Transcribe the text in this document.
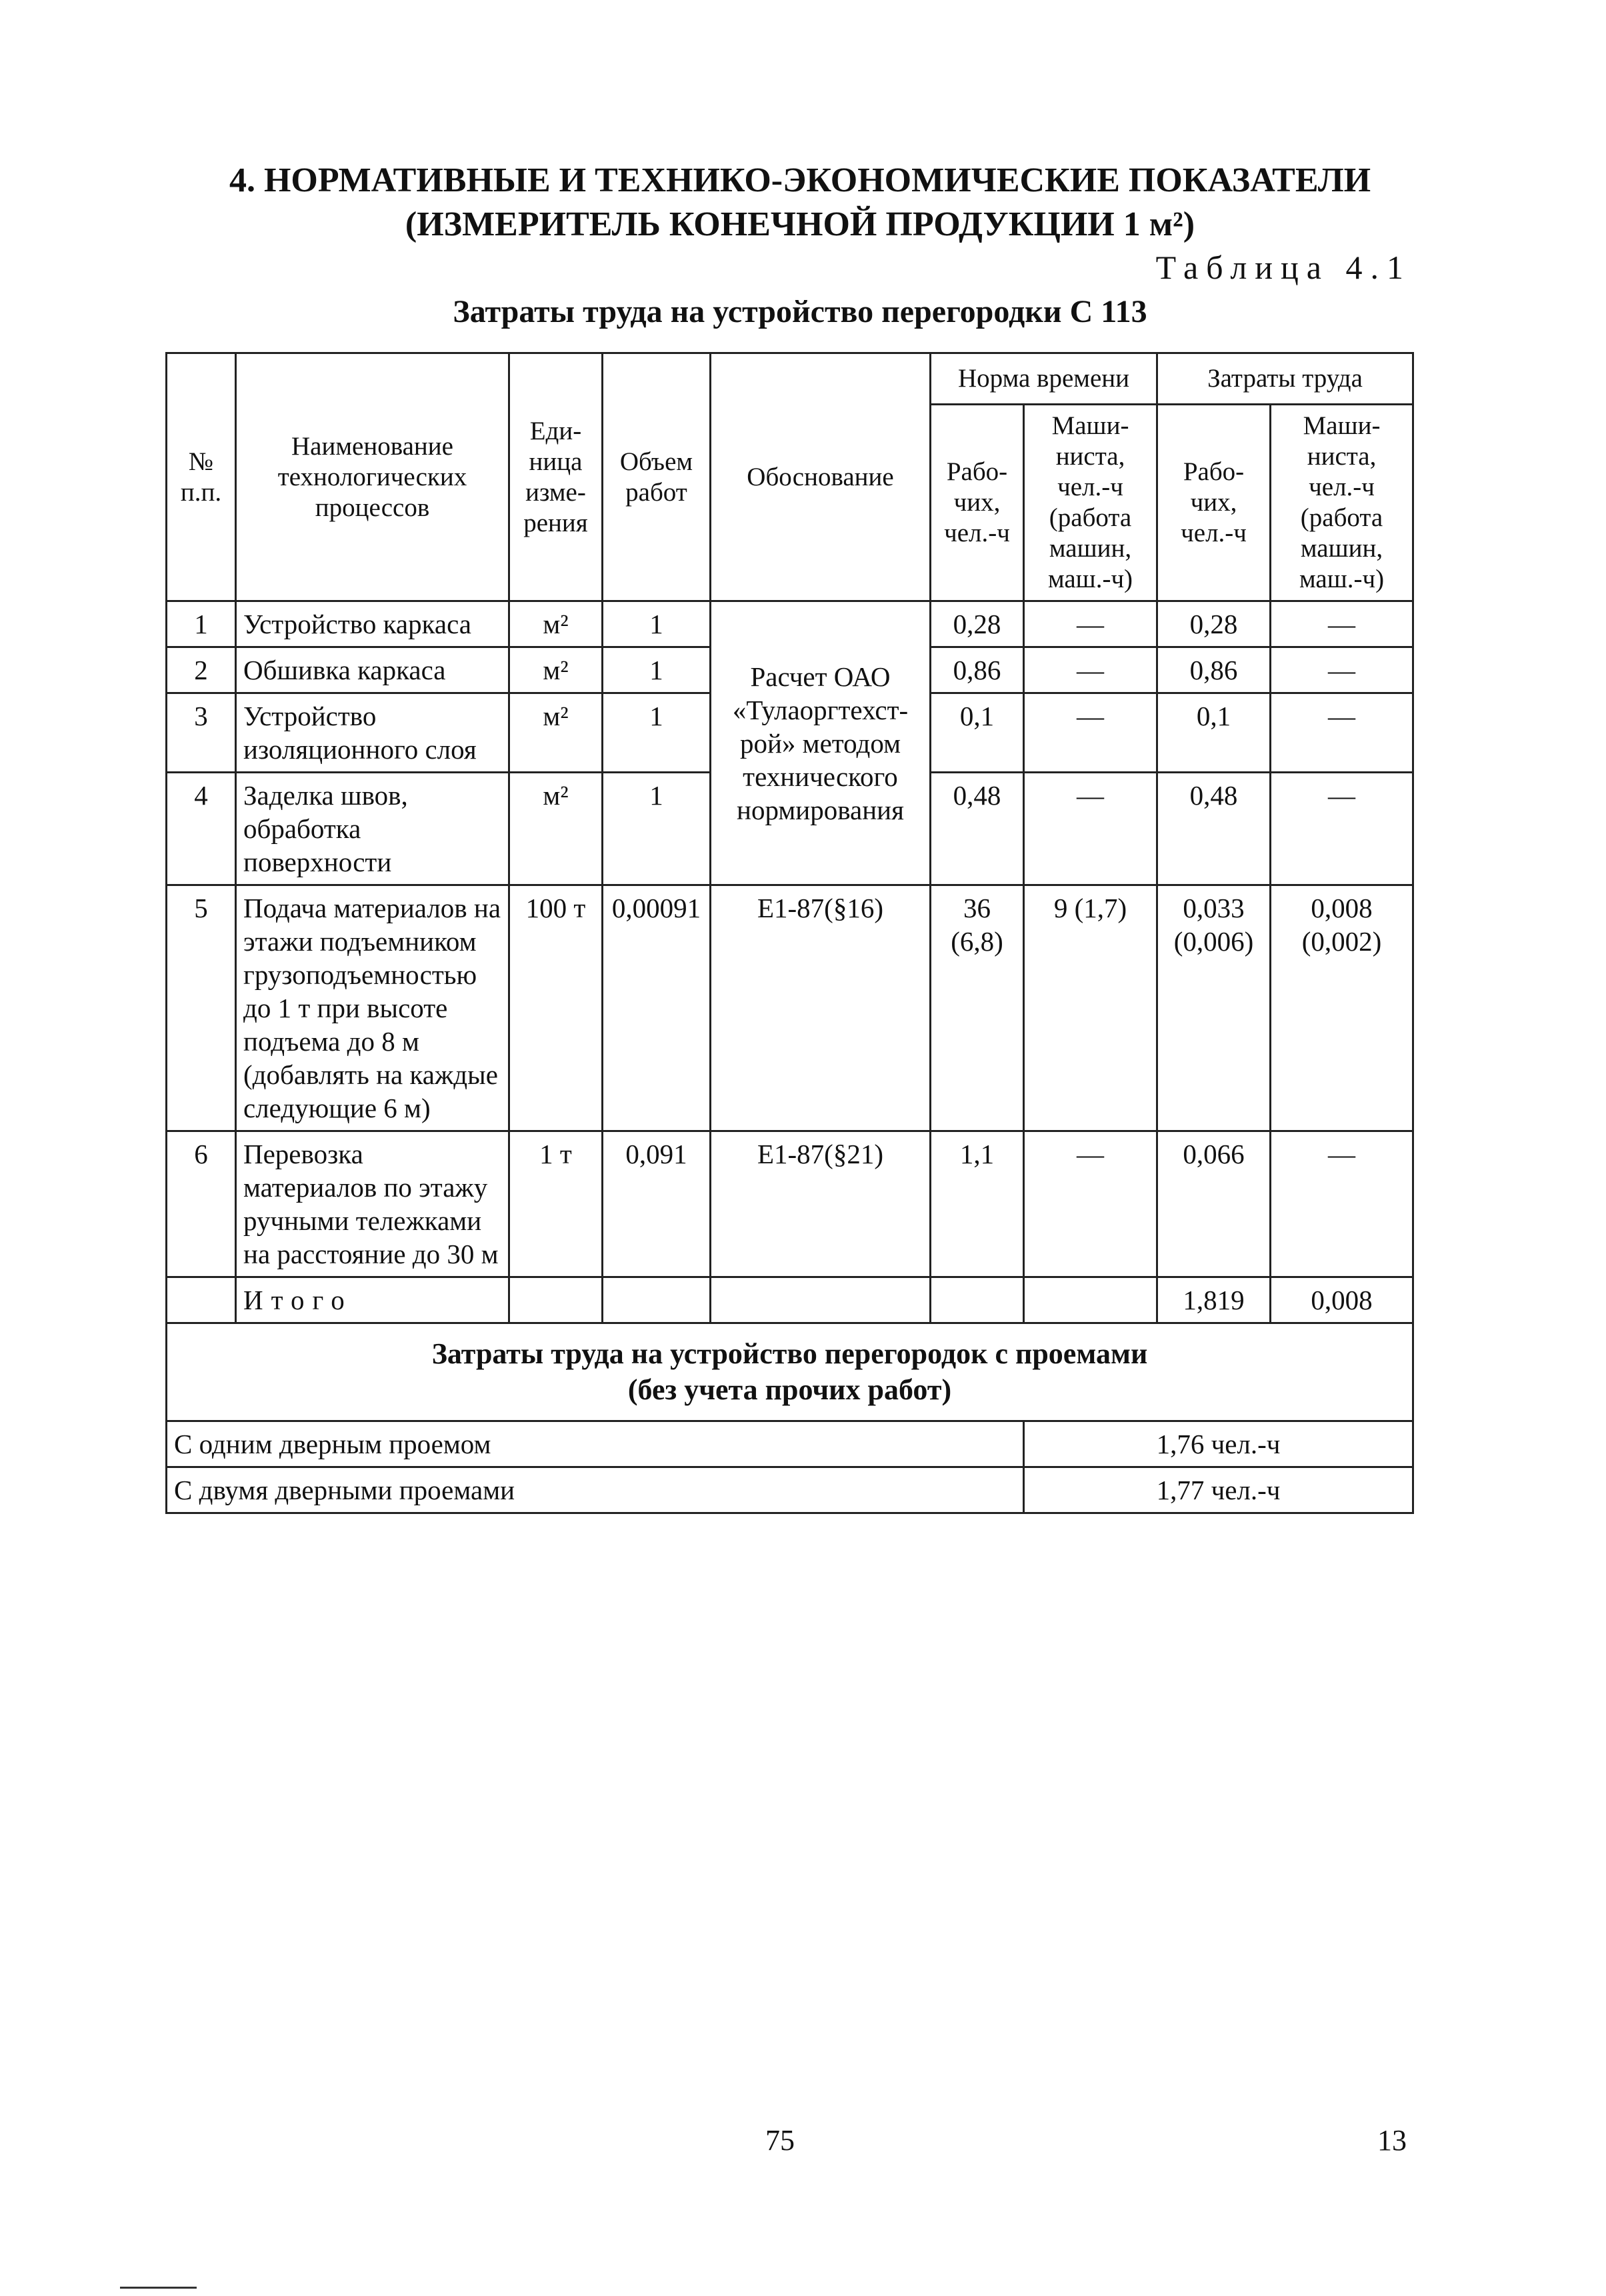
4. НОРМАТИВНЫЕ И ТЕХНИКО-ЭКОНОМИЧЕСКИЕ ПОКАЗАТЕЛИ
(ИЗМЕРИТЕЛЬ КОНЕЧНОЙ ПРОДУКЦИИ 1 м²)
Таблица 4.1
Затраты труда на устройство перегородки С 113
№ п.п.	Наименование технологических процессов	Еди-ница изме-рения	Объем работ	Обоснование	Норма времени		Затраты труда	
					Рабо-чих, чел.-ч	Маши-ниста, чел.-ч (работа машин, маш.-ч)	Рабо-чих, чел.-ч	Маши-ниста, чел.-ч (работа машин, маш.-ч)
1	Устройство каркаса	м²	1	Расчет ОАО «Тулаоргтехст-рой» методом технического нормирования	0,28	—	0,28	—
2	Обшивка каркаса	м²	1		0,86	—	0,86	—
3	Устройство изоляционного слоя	м²	1		0,1	—	0,1	—
4	Заделка швов, обработка поверхности	м²	1		0,48	—	0,48	—
5	Подача материалов на этажи подъемником грузоподъемностью до 1 т при высоте подъема до 8 м (добавлять на каждые следующие 6 м)	100 т	0,00091	Е1-87(§16)	36 (6,8)	9 (1,7)	0,033 (0,006)	0,008 (0,002)
6	Перевозка материалов по этажу ручными тележками на расстояние до 30 м	1 т	0,091	Е1-87(§21)	1,1	—	0,066	—
	Итого						1,819	0,008

Затраты труда на устройство перегородок с проемами
(без учета прочих работ)								

С одним дверным проемом						1,76 чел.-ч		
С двумя дверными проемами						1,77 чел.-ч		
75	13
